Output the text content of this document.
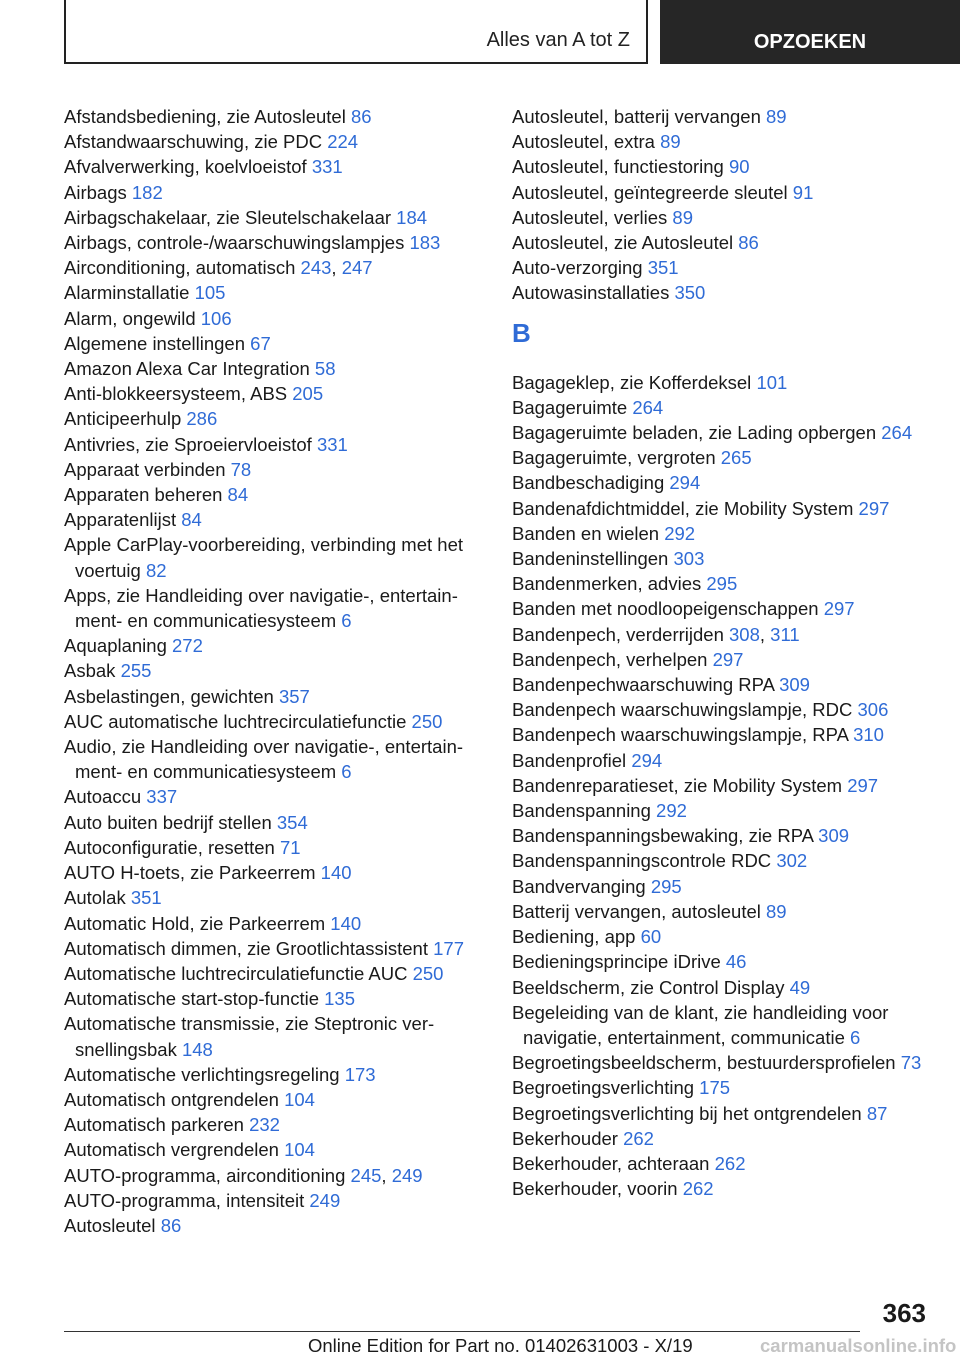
Alles van A tot Z	OPZOEKEN
Afstandsbediening, zie Autosleutel 86
Afstandwaarschuwing, zie PDC 224
Afvalverwerking, koelvloeistof 331
Airbags 182
Airbagschakelaar, zie Sleutelschakelaar 184
Airbags, controle-/waarschuwingslampjes 183
Airconditioning, automatisch 243, 247
Alarminstallatie 105
Alarm, ongewild 106
Algemene instellingen 67
Amazon Alexa Car Integration 58
Anti-blokkeersysteem, ABS 205
Anticipeerhulp 286
Antivries, zie Sproeiervloeistof 331
Apparaat verbinden 78
Apparaten beheren 84
Apparatenlijst 84
Apple CarPlay-voorbereiding, verbinding met het voertuig 82
Apps, zie Handleiding over navigatie-, entertainment- en communicatiesysteem 6
Aquaplaning 272
Asbak 255
Asbelastingen, gewichten 357
AUC automatische luchtrecirculatiefunctie 250
Audio, zie Handleiding over navigatie-, entertainment- en communicatiesysteem 6
Autoaccu 337
Auto buiten bedrijf stellen 354
Autoconfiguratie, resetten 71
AUTO H-toets, zie Parkeerrem 140
Autolak 351
Automatic Hold, zie Parkeerrem 140
Automatisch dimmen, zie Grootlichtassistent 177
Automatische luchtrecirculatiefunctie AUC 250
Automatische start-stop-functie 135
Automatische transmissie, zie Steptronic versnellingsbak 148
Automatische verlichtingsregeling 173
Automatisch ontgrendelen 104
Automatisch parkeren 232
Automatisch vergrendelen 104
AUTO-programma, airconditioning 245, 249
AUTO-programma, intensiteit 249
Autosleutel 86
Autosleutel, batterij vervangen 89
Autosleutel, extra 89
Autosleutel, functiestoring 90
Autosleutel, geïntegreerde sleutel 91
Autosleutel, verlies 89
Autosleutel, zie Autosleutel 86
Auto-verzorging 351
Autowasinstallaties 350
B
Bagageklep, zie Kofferdeksel 101
Bagageruimte 264
Bagageruimte beladen, zie Lading opbergen 264
Bagageruimte, vergroten 265
Bandbeschadiging 294
Bandenafdichtmiddel, zie Mobility System 297
Banden en wielen 292
Bandeninstellingen 303
Bandenmerken, advies 295
Banden met noodloopeigenschappen 297
Bandenpech, verderrijden 308, 311
Bandenpech, verhelpen 297
Bandenpechwaarschuwing RPA 309
Bandenpech waarschuwingslampje, RDC 306
Bandenpech waarschuwingslampje, RPA 310
Bandenprofiel 294
Bandenreparatieset, zie Mobility System 297
Bandenspanning 292
Bandenspanningsbewaking, zie RPA 309
Bandenspanningscontrole RDC 302
Bandvervanging 295
Batterij vervangen, autosleutel 89
Bediening, app 60
Bedieningsprincipe iDrive 46
Beeldscherm, zie Control Display 49
Begeleiding van de klant, zie handleiding voor navigatie, entertainment, communicatie 6
Begroetingsbeeldscherm, bestuurdersprofielen 73
Begroetingsverlichting 175
Begroetingsverlichting bij het ontgrendelen 87
Bekerhouder 262
Bekerhouder, achteraan 262
Bekerhouder, voorin 262
363
Online Edition for Part no. 01402631003 - X/19	carmanualsonline.info
